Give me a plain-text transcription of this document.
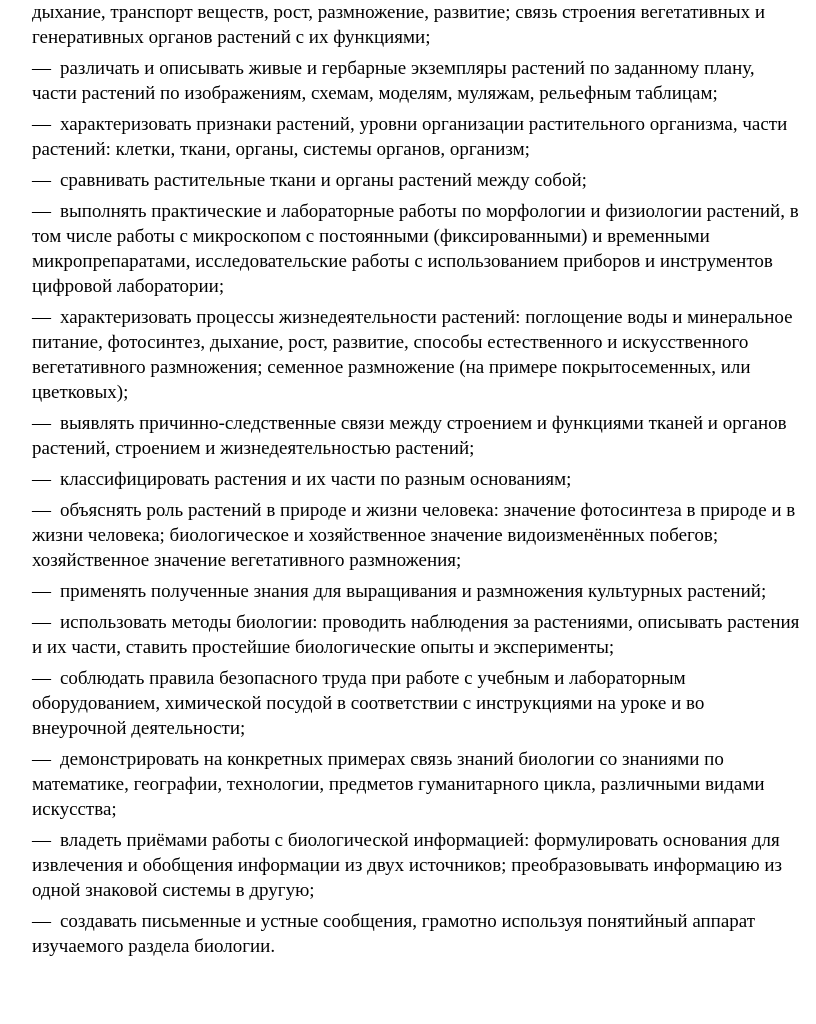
дыхание, транспорт веществ, рост, размножение, развитие; связь строения вегетативных и генеративных органов растений с их функциями;

— различать и описывать живые и гербарные экземпляры растений по заданному плану, части растений по изображениям, схемам, моделям, муляжам, рельефным таблицам;

— характеризовать признаки растений, уровни организации растительного организма, части растений: клетки, ткани, органы, системы органов, организм;

— сравнивать растительные ткани и органы растений между собой;

— выполнять практические и лабораторные работы по морфологии и физиологии растений, в том числе работы с микроскопом с постоянными (фиксированными) и временными микропрепаратами, исследовательские работы с использованием приборов и инструментов цифровой лаборатории;

— характеризовать процессы жизнедеятельности растений: поглощение воды и минеральное питание, фотосинтез, дыхание, рост, развитие, способы естественного и искусственного вегетативного размножения; семенное размножение (на примере покрытосеменных, или цветковых);

— выявлять причинно-следственные связи между строением и функциями тканей и органов растений, строением и жизнедеятельностью растений;

— классифицировать растения и их части по разным основаниям;

— объяснять роль растений в природе и жизни человека: значение фотосинтеза в природе и в жизни человека; биологическое и хозяйственное значение видоизменённых побегов; хозяйственное значение вегетативного размножения;

— применять полученные знания для выращивания и размножения культурных растений;

— использовать методы биологии: проводить наблюдения за растениями, описывать растения и их части, ставить простейшие биологические опыты и эксперименты;

— соблюдать правила безопасного труда при работе с учебным и лабораторным оборудованием, химической посудой в соответствии с инструкциями на уроке и во внеурочной деятельности;

— демонстрировать на конкретных примерах связь знаний биологии со знаниями по математике, географии, технологии, предметов гуманитарного цикла, различными видами искусства;

— владеть приёмами работы с биологической информацией: формулировать основания для извлечения и обобщения информации из двух источников; преобразовывать информацию из одной знаковой системы в другую;

— создавать письменные и устные сообщения, грамотно используя понятийный аппарат изучаемого раздела биологии.
